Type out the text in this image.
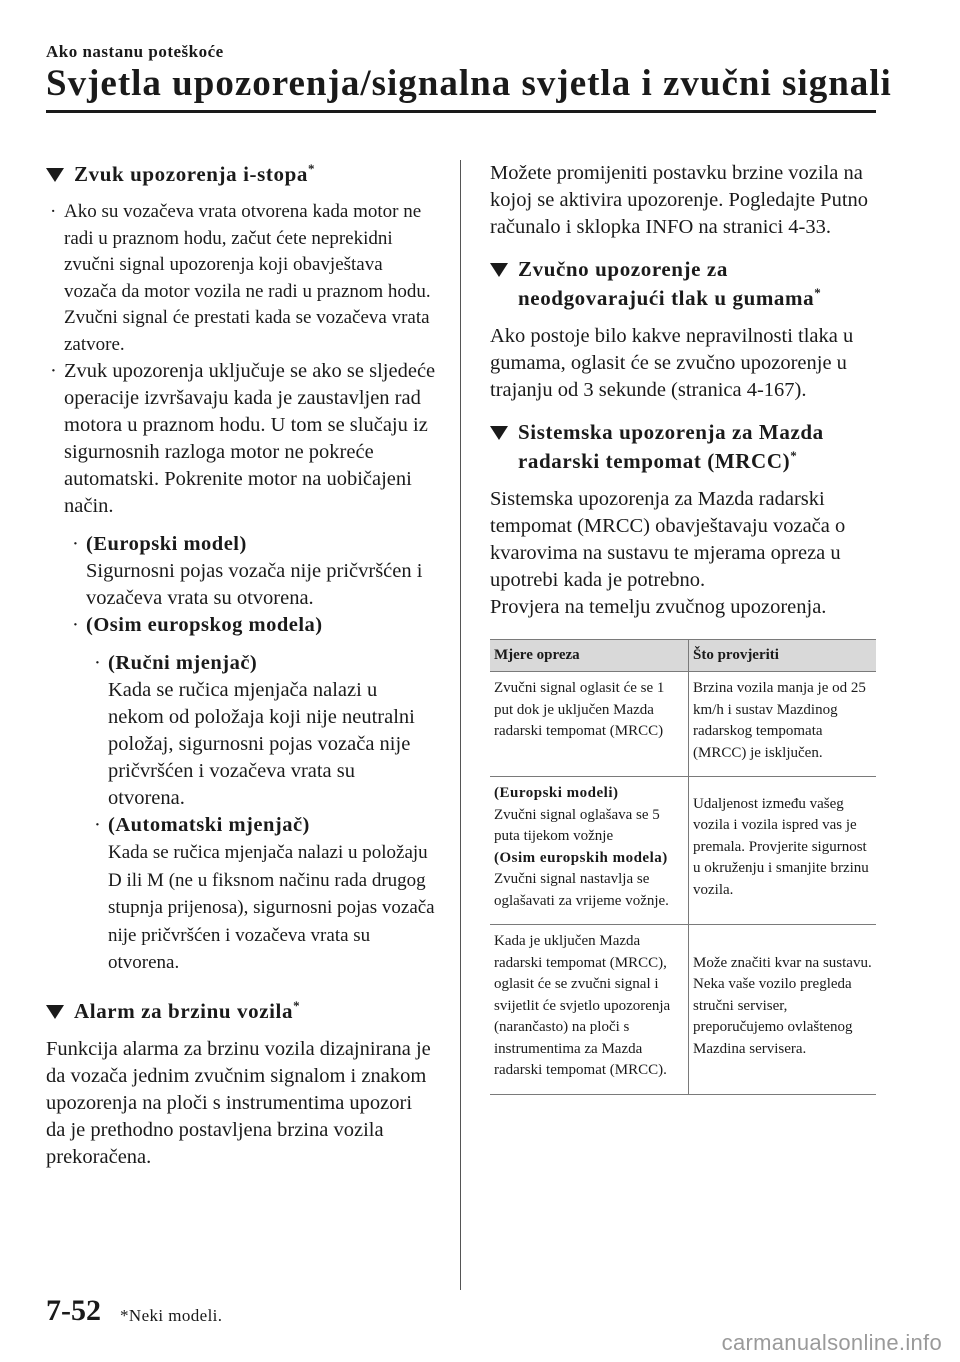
Ako nastanu poteškoće
Svjetla upozorenja/signalna svjetla i zvučni signali
Zvuk upozorenja i-stopa*

· Ako su vozačeva vrata otvorena kada motor ne radi u praznom hodu, začut ćete neprekidni zvučni signal upozorenja koji obavještava vozača da motor vozila ne radi u praznom hodu. Zvučni signal će prestati kada se vozačeva vrata zatvore.

· Zvuk upozorenja uključuje se ako se sljedeće operacije izvršavaju kada je zaustavljen rad motora u praznom hodu. U tom se slučaju iz sigurnosnih razloga motor ne pokreće automatski. Pokrenite motor na uobičajeni način.

· (Europski model)
Sigurnosni pojas vozača nije pričvršćen i vozačeva vrata su otvorena.

· (Osim europskog modela)

· (Ručni mjenjač)
Kada se ručica mjenjača nalazi u nekom od položaja koji nije neutralni položaj, sigurnosni pojas vozača nije pričvršćen i vozačeva vrata su otvorena.

· (Automatski mjenjač)
Kada se ručica mjenjača nalazi u položaju D ili M (ne u fiksnom načinu rada drugog stupnja prijenosa), sigurnosni pojas vozača nije pričvršćen i vozačeva vrata su otvorena.

Alarm za brzinu vozila*

Funkcija alarma za brzinu vozila dizajnirana je da vozača jednim zvučnim signalom i znakom upozorenja na ploči s instrumentima upozori da je prethodno postavljena brzina vozila prekoračena.

Možete promijeniti postavku brzine vozila na kojoj se aktivira upozorenje. Pogledajte Putno računalo i sklopka INFO na stranici 4-33.

Zvučno upozorenje za neodgovarajući tlak u gumama*

Ako postoje bilo kakve nepravilnosti tlaka u gumama, oglasit će se zvučno upozorenje u trajanju od 3 sekunde (stranica 4-167).

Sistemska upozorenja za Mazda radarski tempomat (MRCC)*

Sistemska upozorenja za Mazda radarski tempomat (MRCC) obavještavaju vozača o kvarovima na sustavu te mjerama opreza u upotrebi kada je potrebno.

Provjera na temelju zvučnog upozorenja.

Mjere opreza	Što provjeriti
Zvučni signal oglasit će se 1 put dok je uključen Mazda radarski tempomat (MRCC)	Brzina vozila manja je od 25 km/h i sustav Mazdinog radarskog tempomata (MRCC) je isključen.

(Europski modeli)
Zvučni signal oglašava se 5 puta tijekom vožnje
(Osim europskih modela)
Zvučni signal nastavlja se oglašavati za vrijeme vožnje.	Udaljenost između vašeg vozila i vozila ispred vas je premala. Provjerite sigurnost u okruženju i smanjite brzinu vozila.
Kada je uključen Mazda radarski tempomat (MRCC), oglasit će se zvučni signal i svijetlit će svjetlo upozorenja (narančasto) na ploči s instrumentima za Mazda radarski tempomat (MRCC).	Može značiti kvar na sustavu. Neka vaše vozilo pregleda stručni serviser, preporučujemo ovlaštenog Mazdina servisera.
7-52 *Neki modeli.
carmanualsonline.info
